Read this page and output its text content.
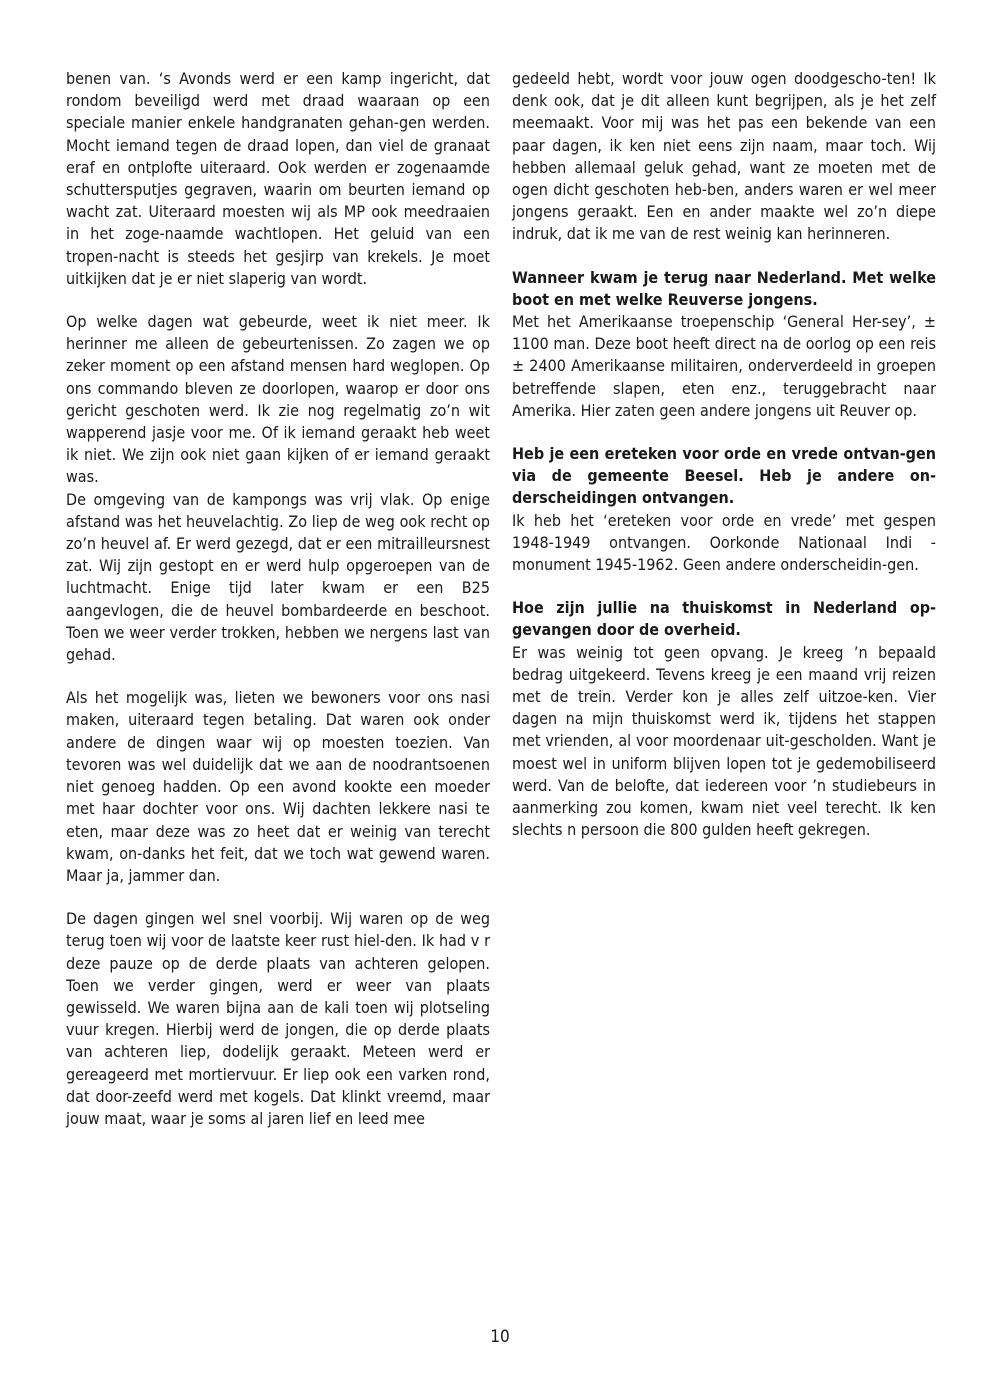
benen van. ‘s Avonds werd er een kamp ingericht, dat rondom beveiligd werd met draad waaraan op een speciale manier enkele handgranaten gehan-gen werden. Mocht iemand tegen de draad lopen, dan viel de granaat eraf en ontplofte uiteraard. Ook werden er zogenaamde schuttersputjes gegraven, waarin om beurten iemand op wacht zat. Uiteraard moesten wij als MP ook meedraaien in het zoge-naamde wachtlopen. Het geluid van een tropen-nacht is steeds het gesjirp van krekels. Je moet uitkijken dat je er niet slaperig van wordt.

Op welke dagen wat gebeurde, weet ik niet meer. Ik herinner me alleen de gebeurtenissen. Zo zagen we op zeker moment op een afstand mensen hard weglopen. Op ons commando bleven ze doorlopen, waarop er door ons gericht geschoten werd. Ik zie nog regelmatig zo’n wit wapperend jasje voor me. Of ik iemand geraakt heb weet ik niet. We zijn ook niet gaan kijken of er iemand geraakt was.

De omgeving van de kampongs was vrij vlak. Op enige afstand was het heuvelachtig. Zo liep de weg ook recht op zo’n heuvel af. Er werd gezegd, dat er een mitrailleursnest zat. Wij zijn gestopt en er werd hulp opgeroepen van de luchtmacht. Enige tijd later kwam er een B25 aangevlogen, die de heuvel bombardeerde en beschoot. Toen we weer verder trokken, hebben we nergens last van gehad.

Als het mogelijk was, lieten we bewoners voor ons nasi maken, uiteraard tegen betaling. Dat waren ook onder andere de dingen waar wij op moesten toezien. Van tevoren was wel duidelijk dat we aan de noodrantsoenen niet genoeg hadden. Op een avond kookte een moeder met haar dochter voor ons. Wij dachten lekkere nasi te eten, maar deze was zo heet dat er weinig van terecht kwam, on-danks het feit, dat we toch wat gewend waren. Maar ja, jammer dan.

De dagen gingen wel snel voorbij. Wij waren op de weg terug toen wij voor de laatste keer rust hiel-den. Ik had v r deze pauze op de derde plaats van achteren gelopen. Toen we verder gingen, werd er weer van plaats gewisseld. We waren bijna aan de kali toen wij plotseling vuur kregen. Hierbij werd de jongen, die op derde plaats van achteren liep, dodelijk geraakt. Meteen werd er gereageerd met mortiervuur. Er liep ook een varken rond, dat door-zeefd werd met kogels. Dat klinkt vreemd, maar jouw maat, waar je soms al jaren lief en leed mee

gedeeld hebt, wordt voor jouw ogen doodgescho-ten! Ik denk ook, dat je dit alleen kunt begrijpen, als je het zelf meemaakt. Voor mij was het pas een bekende van een paar dagen, ik ken niet eens zijn naam, maar toch. Wij hebben allemaal geluk gehad, want ze moeten met de ogen dicht geschoten heb-ben, anders waren er wel meer jongens geraakt. Een en ander maakte wel zo’n diepe indruk, dat ik me van de rest weinig kan herinneren.

Wanneer kwam je terug naar Nederland. Met welke boot en met welke Reuverse jongens.

Met het Amerikaanse troepenschip ‘General Her-sey’, ± 1100 man. Deze boot heeft direct na de oorlog op een reis ± 2400 Amerikaanse militairen, onderverdeeld in groepen betreffende slapen, eten enz., teruggebracht naar Amerika. Hier zaten geen andere jongens uit Reuver op.

Heb je een ereteken voor orde en vrede ontvan-gen via de gemeente Beesel. Heb je andere on-derscheidingen ontvangen.

Ik heb het ‘ereteken voor orde en vrede’ met gespen 1948-1949 ontvangen. Oorkonde Nationaal Indi - monument 1945-1962. Geen andere onderscheidin-gen.

Hoe zijn jullie na thuiskomst in Nederland op-gevangen door de overheid.

Er was weinig tot geen opvang. Je kreeg ’n bepaald bedrag uitgekeerd. Tevens kreeg je een maand vrij reizen met de trein. Verder kon je alles zelf uitzoe-ken. Vier dagen na mijn thuiskomst werd ik, tijdens het stappen met vrienden, al voor moordenaar uit-gescholden. Want je moest wel in uniform blijven lopen tot je gedemobiliseerd werd. Van de belofte, dat iedereen voor ’n studiebeurs in aanmerking zou komen, kwam niet veel terecht. Ik ken slechts n persoon die 800 gulden heeft gekregen.

10
